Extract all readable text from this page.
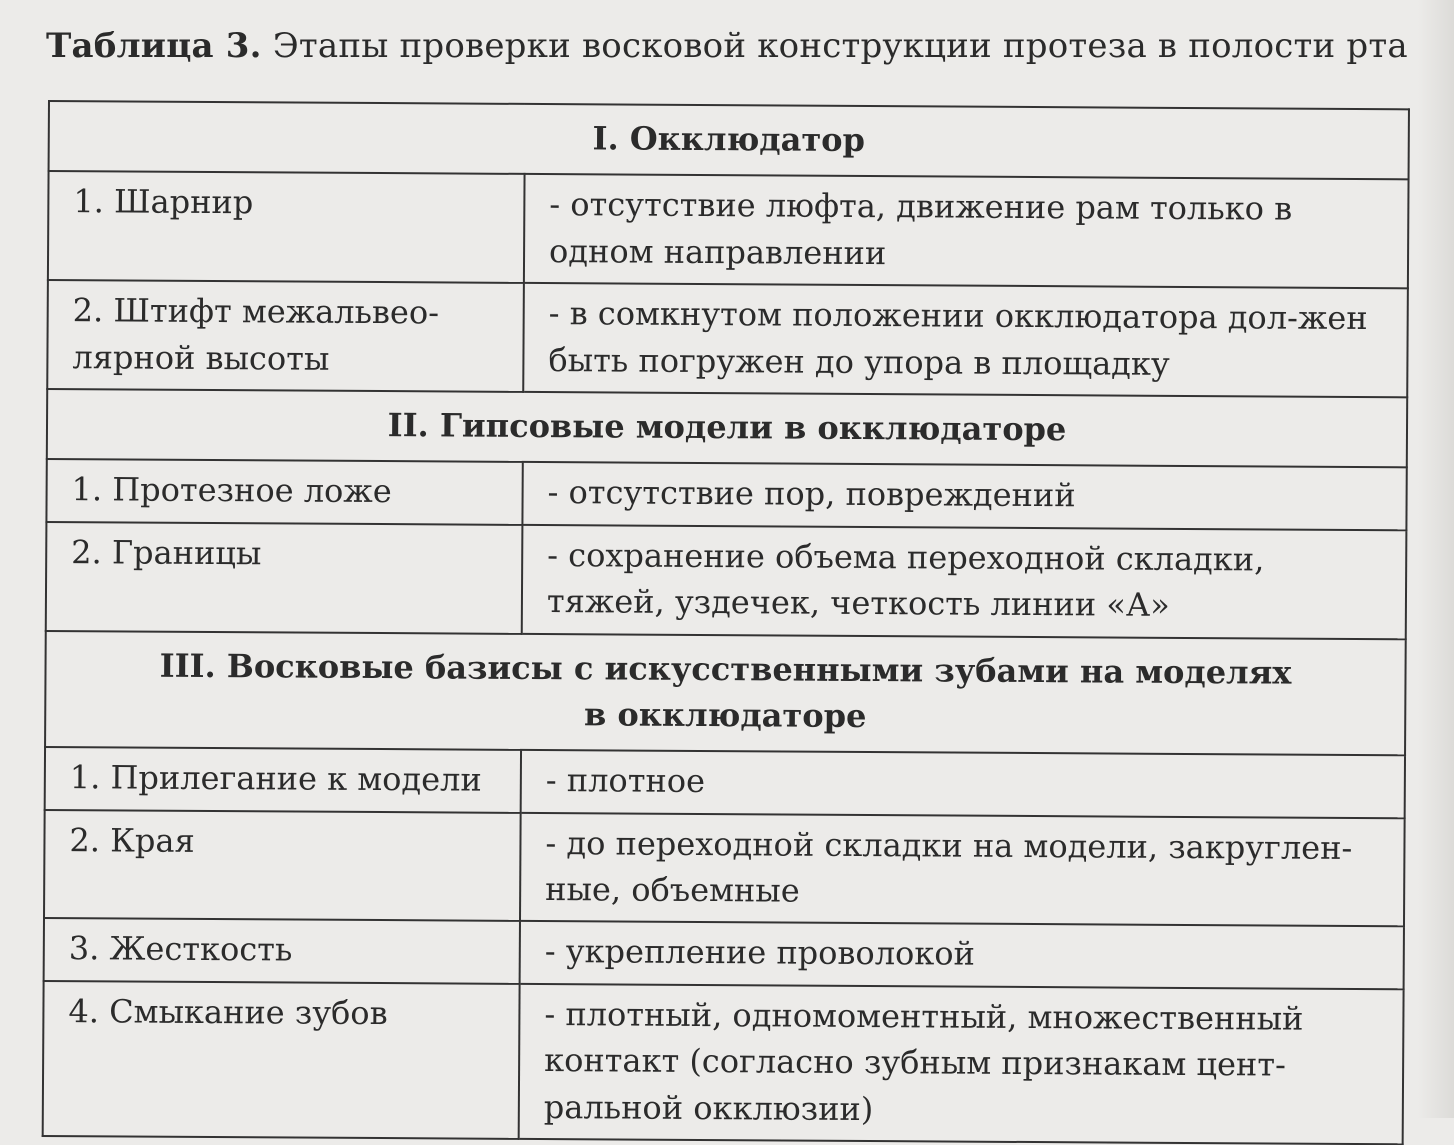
Таблица 3. Этапы проверки восковой конструкции протеза в полости рта
I. Окклюдатор	
1. Шарнир	- отсутствие люфта, движение рам только в одном направлении
2. Штифт межальвео-лярной высоты	- в сомкнутом положении окклюдатора дол-жен быть погружен до упора в площадку
II. Гипсовые модели в окклюдаторе	
1. Протезное ложе	- отсутствие пор, повреждений
2. Границы	- сохранение объема переходной складки, тяжей, уздечек, четкость линии «А»

III. Восковые базисы с искусственными зубами на моделях
в окклюдаторе	

1. Прилегание к модели	- плотное
2. Края	- до переходной складки на модели, закруглен-ные, объемные
3. Жесткость	- укрепление проволокой
4. Смыкание зубов	- плотный, одномоментный, множественный контакт (согласно зубным признакам цент-ральной окклюзии)
